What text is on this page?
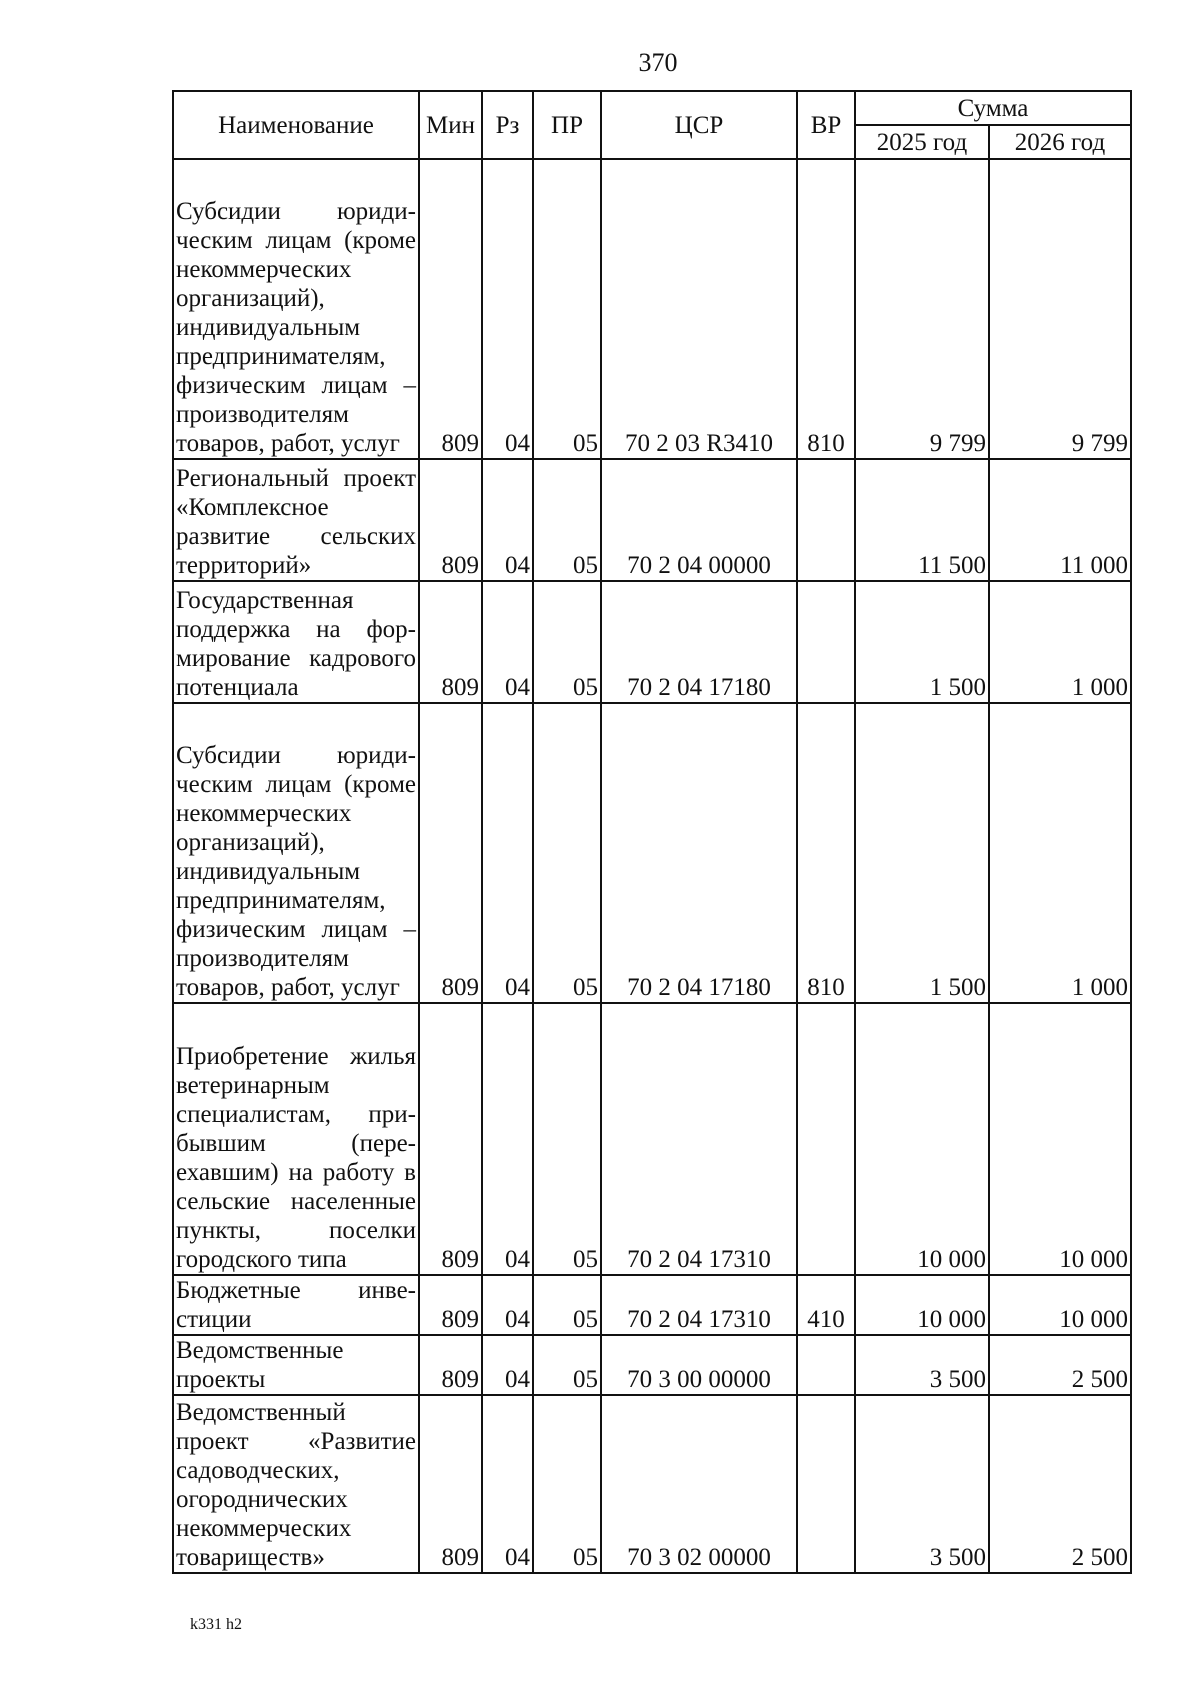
370
Наименование	Мин	Рз	ПР	ЦСР	ВР	Сумма	
						2025 год	2026 год
Субсидии юридическим лицам (кроме некоммерческих организаций), индивидуальным предпринимателям, физическим лицам – производителям товаров, работ, услуг	809	04	05	70 2 03 R3410	810	9 799	9 799
Региональный проект «Комплексное развитие сельских территорий»	809	04	05	70 2 04 00000		11 500	11 000
Государственная поддержка на формирование кадрового потенциала	809	04	05	70 2 04 17180		1 500	1 000
Субсидии юридическим лицам (кроме некоммерческих организаций), индивидуальным предпринимателям, физическим лицам – производителям товаров, работ, услуг	809	04	05	70 2 04 17180	810	1 500	1 000
Приобретение жилья ветеринарным специалистам, прибывшим (переехавшим) на работу в сельские населенные пункты, поселки городского типа	809	04	05	70 2 04 17310		10 000	10 000
Бюджетные инвестиции	809	04	05	70 2 04 17310	410	10 000	10 000
Ведомственные проекты	809	04	05	70 3 00 00000		3 500	2 500
Ведомственный проект «Развитие садоводческих, огороднических некоммерческих товариществ»	809	04	05	70 3 02 00000		3 500	2 500
k331 h2
